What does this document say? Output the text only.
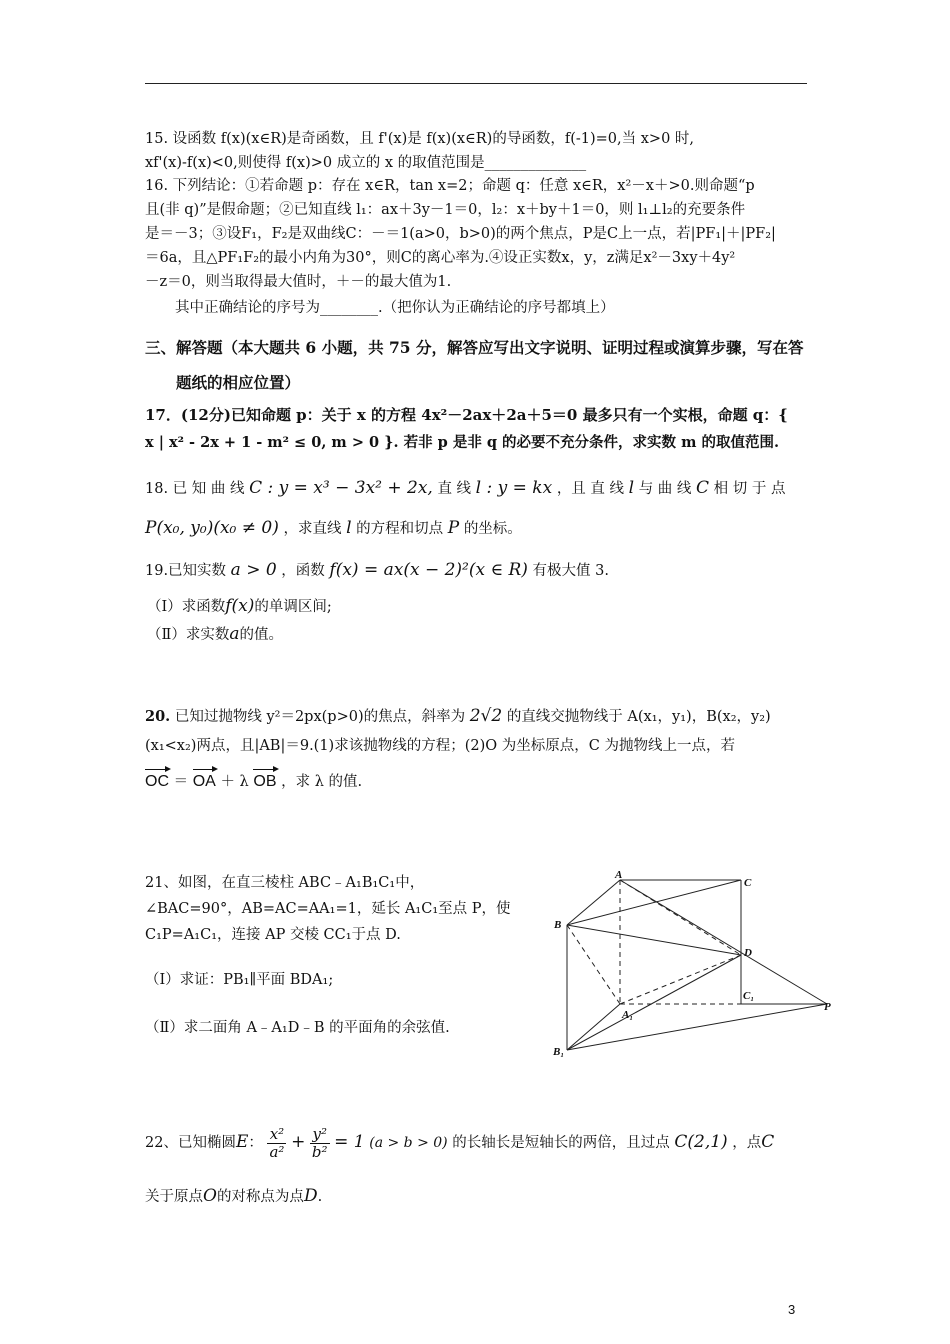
15. 设函数 f(x)(x∈R)是奇函数，且 f'(x)是 f(x)(x∈R)的导函数，f(-1)=0,当 x>0 时,
xf'(x)-f(x)<0,则使得 f(x)>0 成立的 x 的取值范围是______________
16. 下列结论：①若命题 p：存在 x∈R，tan x=2；命题 q：任意 x∈R，x²－x＋>0.则命题“p
且(非 q)”是假命题；②已知直线 l₁：ax＋3y－1＝0，l₂：x＋by＋1＝0，则 l₁⊥l₂的充要条件
是＝－3；③设F₁，F₂是双曲线C：－＝1(a>0，b>0)的两个焦点，P是C上一点，若|PF₁|＋|PF₂|
＝6a，且△PF₁F₂的最小内角为30°，则C的离心率为.④设正实数x，y，z满足x²－3xy＋4y²
－z＝0，则当取得最大值时，＋－的最大值为1.
其中正确结论的序号为________.（把你认为正确结论的序号都填上）
三、解答题（本大题共 6 小题，共 75 分，解答应写出文字说明、证明过程或演算步骤，写在答
题纸的相应位置）
17．(12分)已知命题 p：关于 x 的方程 4x²－2ax＋2a＋5＝0 最多只有一个实根，命题 q：{
x | x² - 2x + 1 - m² ≤ 0, m > 0 }. 若非 p 是非 q 的必要不充分条件，求实数 m 的取值范围.
18. 已 知 曲 线 C : y = x³ − 3x² + 2x, 直 线 l : y = kx ，且 直 线 l 与 曲 线 C 相 切 于 点
P(x₀, y₀)(x₀ ≠ 0) ，求直线 l 的方程和切点 P 的坐标。
19.已知实数 a > 0 ，函数 f(x) = ax(x − 2)²(x ∈ R) 有极大值 3.
（Ⅰ）求函数f(x)的单调区间;
（Ⅱ）求实数a的值。
20. 已知过抛物线 y²＝2px(p>0)的焦点，斜率为 2√2 的直线交抛物线于 A(x₁，y₁)，B(x₂，y₂)
(x₁<x₂)两点，且|AB|＝9.(1)求该抛物线的方程；(2)O 为坐标原点，C 为抛物线上一点，若
OC ＝ OA ＋ λ OB ，求 λ 的值.
21、如图，在直三棱柱 ABC﹣A₁B₁C₁中，
∠BAC=90°，AB=AC=AA₁=1，延长 A₁C₁至点 P，使
C₁P=A₁C₁，连接 AP 交棱 CC₁于点 D.
（Ⅰ）求证：PB₁∥平面 BDA₁;
（Ⅱ）求二面角 A﹣A₁D﹣B 的平面角的余弦值.
A
C
B
D
C₁
A₁
P
B₁
22、已知椭圆E： $\frac{\text{x²}}{\text{a²}} + \frac{\text{y²}}{\text{b²}} = 1$ (a > b > 0) 的长轴长是短轴长的两倍，且过点 C(2,1) ，点C
关于原点O的对称点为点D.
3
